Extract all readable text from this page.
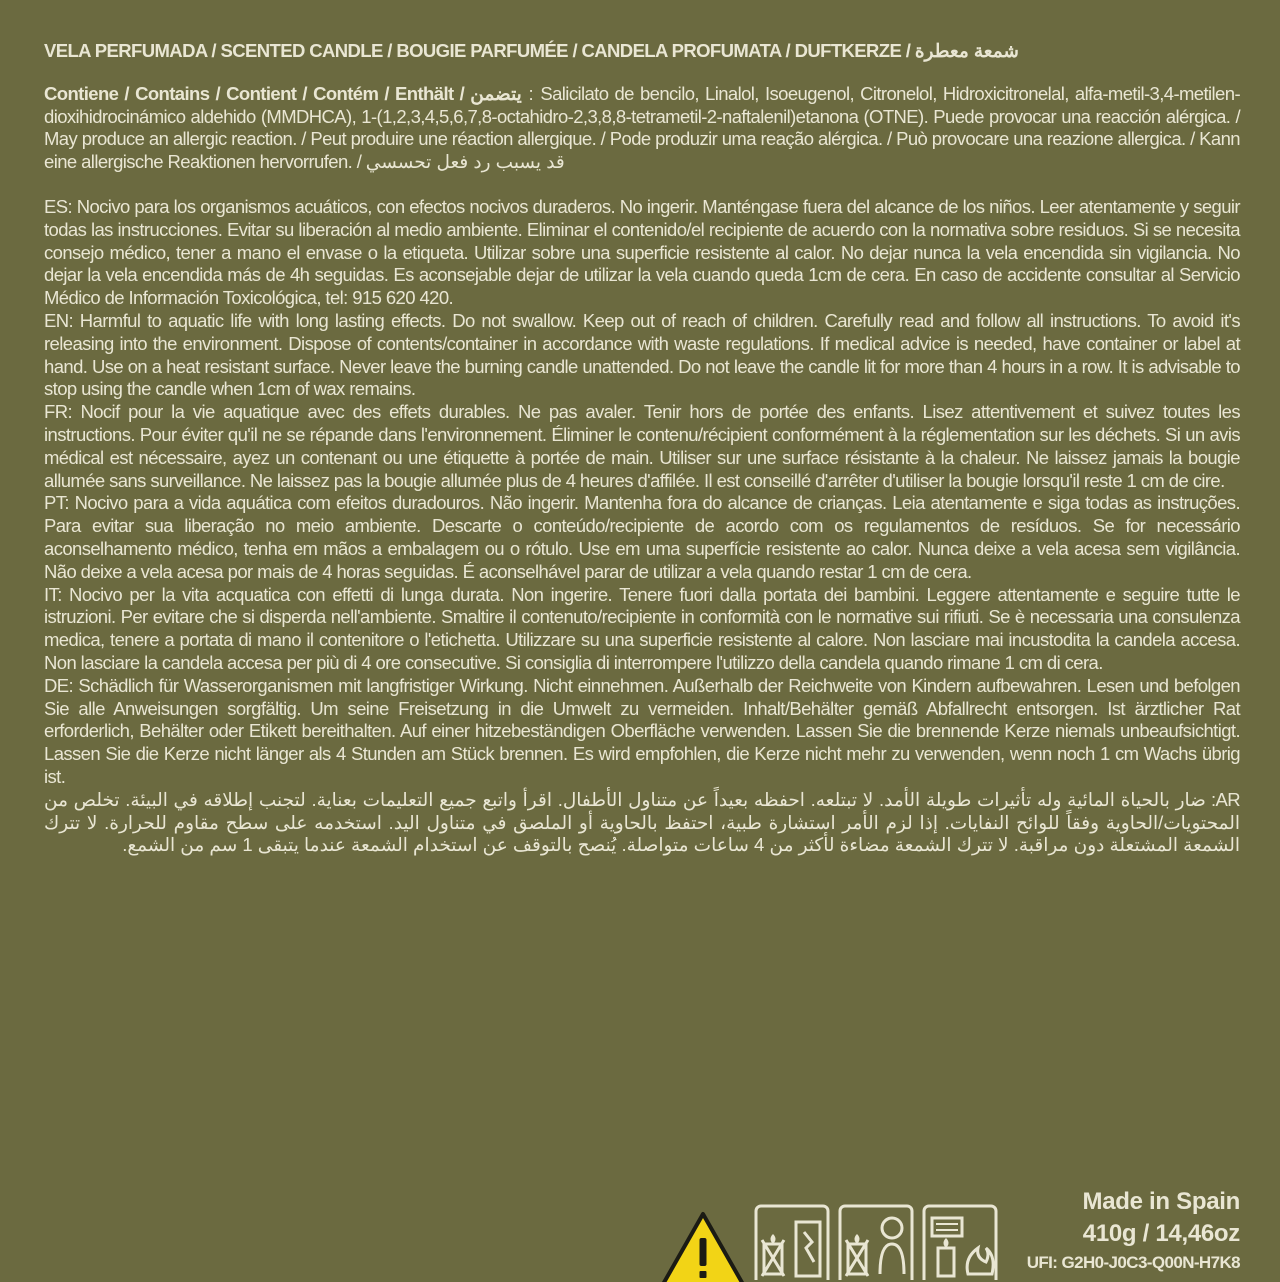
VELA PERFUMADA / SCENTED CANDLE / BOUGIE PARFUMÉE / CANDELA PROFUMATA / DUFTKERZE / شمعة معطرة
Contiene / Contains / Contient / Contém / Enthält / يتضمن : Salicilato de bencilo, Linalol, Isoeugenol, Citronelol, Hidroxicitronelal, alfa-metil-3,4-metilen-dioxihidrocinámico aldehido (MMDHCA), 1-(1,2,3,4,5,6,7,8-octahidro-2,3,8,8-tetrametil-2-naftalenil)etanona (OTNE). Puede provocar una reacción alérgica. / May produce an allergic reaction. / Peut produire une réaction allergique. / Pode produzir uma reação alérgica. / Può provocare una reazione allergica. / Kann eine allergische Reaktionen hervorrufen. / قد يسبب رد فعل تحسسي

ES: Nocivo para los organismos acuáticos, con efectos nocivos duraderos. No ingerir. Manténgase fuera del alcance de los niños. Leer atentamente y seguir todas las instrucciones. Evitar su liberación al medio ambiente. Eliminar el contenido/el recipiente de acuerdo con la normativa sobre residuos. Si se necesita consejo médico, tener a mano el envase o la etiqueta. Utilizar sobre una superficie resistente al calor. No dejar nunca la vela encendida sin vigilancia. No dejar la vela encendida más de 4h seguidas. Es aconsejable dejar de utilizar la vela cuando queda 1cm de cera. En caso de accidente consultar al Servicio Médico de Información Toxicológica, tel: 915 620 420.

EN: Harmful to aquatic life with long lasting effects. Do not swallow. Keep out of reach of children. Carefully read and follow all instructions. To avoid it's releasing into the environment. Dispose of contents/container in accordance with waste regulations. If medical advice is needed, have container or label at hand. Use on a heat resistant surface. Never leave the burning candle unattended. Do not leave the candle lit for more than 4 hours in a row. It is advisable to stop using the candle when 1cm of wax remains.

FR: Nocif pour la vie aquatique avec des effets durables. Ne pas avaler. Tenir hors de portée des enfants. Lisez attentivement et suivez toutes les instructions. Pour éviter qu'il ne se répande dans l'environnement. Éliminer le contenu/récipient conformément à la réglementation sur les déchets. Si un avis médical est nécessaire, ayez un contenant ou une étiquette à portée de main. Utiliser sur une surface résistante à la chaleur. Ne laissez jamais la bougie allumée sans surveillance. Ne laissez pas la bougie allumée plus de 4 heures d'affilée. Il est conseillé d'arrêter d'utiliser la bougie lorsqu'il reste 1 cm de cire.

PT: Nocivo para a vida aquática com efeitos duradouros. Não ingerir. Mantenha fora do alcance de crianças. Leia atentamente e siga todas as instruções. Para evitar sua liberação no meio ambiente. Descarte o conteúdo/recipiente de acordo com os regulamentos de resíduos. Se for necessário aconselhamento médico, tenha em mãos a embalagem ou o rótulo. Use em uma superfície resistente ao calor. Nunca deixe a vela acesa sem vigilância. Não deixe a vela acesa por mais de 4 horas seguidas. É aconselhável parar de utilizar a vela quando restar 1 cm de cera.

IT: Nocivo per la vita acquatica con effetti di lunga durata. Non ingerire. Tenere fuori dalla portata dei bambini. Leggere attentamente e seguire tutte le istruzioni. Per evitare che si disperda nell'ambiente. Smaltire il contenuto/recipiente in conformità con le normative sui rifiuti. Se è necessaria una consulenza medica, tenere a portata di mano il contenitore o l'etichetta. Utilizzare su una superficie resistente al calore. Non lasciare mai incustodita la candela accesa. Non lasciare la candela accesa per più di 4 ore consecutive. Si consiglia di interrompere l'utilizzo della candela quando rimane 1 cm di cera.

DE: Schädlich für Wasserorganismen mit langfristiger Wirkung. Nicht einnehmen. Außerhalb der Reichweite von Kindern aufbewahren. Lesen und befolgen Sie alle Anweisungen sorgfältig. Um seine Freisetzung in die Umwelt zu vermeiden. Inhalt/Behälter gemäß Abfallrecht entsorgen. Ist ärztlicher Rat erforderlich, Behälter oder Etikett bereithalten. Auf einer hitzebeständigen Oberfläche verwenden. Lassen Sie die brennende Kerze niemals unbeaufsichtigt. Lassen Sie die Kerze nicht länger als 4 Stunden am Stück brennen. Es wird empfohlen, die Kerze nicht mehr zu verwenden, wenn noch 1 cm Wachs übrig ist.

AR: ضار بالحياة المائية وله تأثيرات طويلة الأمد. لا تبتلعه. احفظه بعيداً عن متناول الأطفال. اقرأ واتبع جميع التعليمات بعناية. لتجنب إطلاقه في البيئة. تخلص من المحتويات/الحاوية وفقاً للوائح النفايات. إذا لزم الأمر استشارة طبية، احتفظ بالحاوية أو الملصق في متناول اليد. استخدمه على سطح مقاوم للحرارة. لا تترك الشمعة المشتعلة دون مراقبة. لا تترك الشمعة مضاءة لأكثر من 4 ساعات متواصلة. يُنصح بالتوقف عن استخدام الشمعة عندما يتبقى 1 سم من الشمع.

Made in Spain
410g / 14,46oz
UFI: G2H0-J0C3-Q00N-H7K8
